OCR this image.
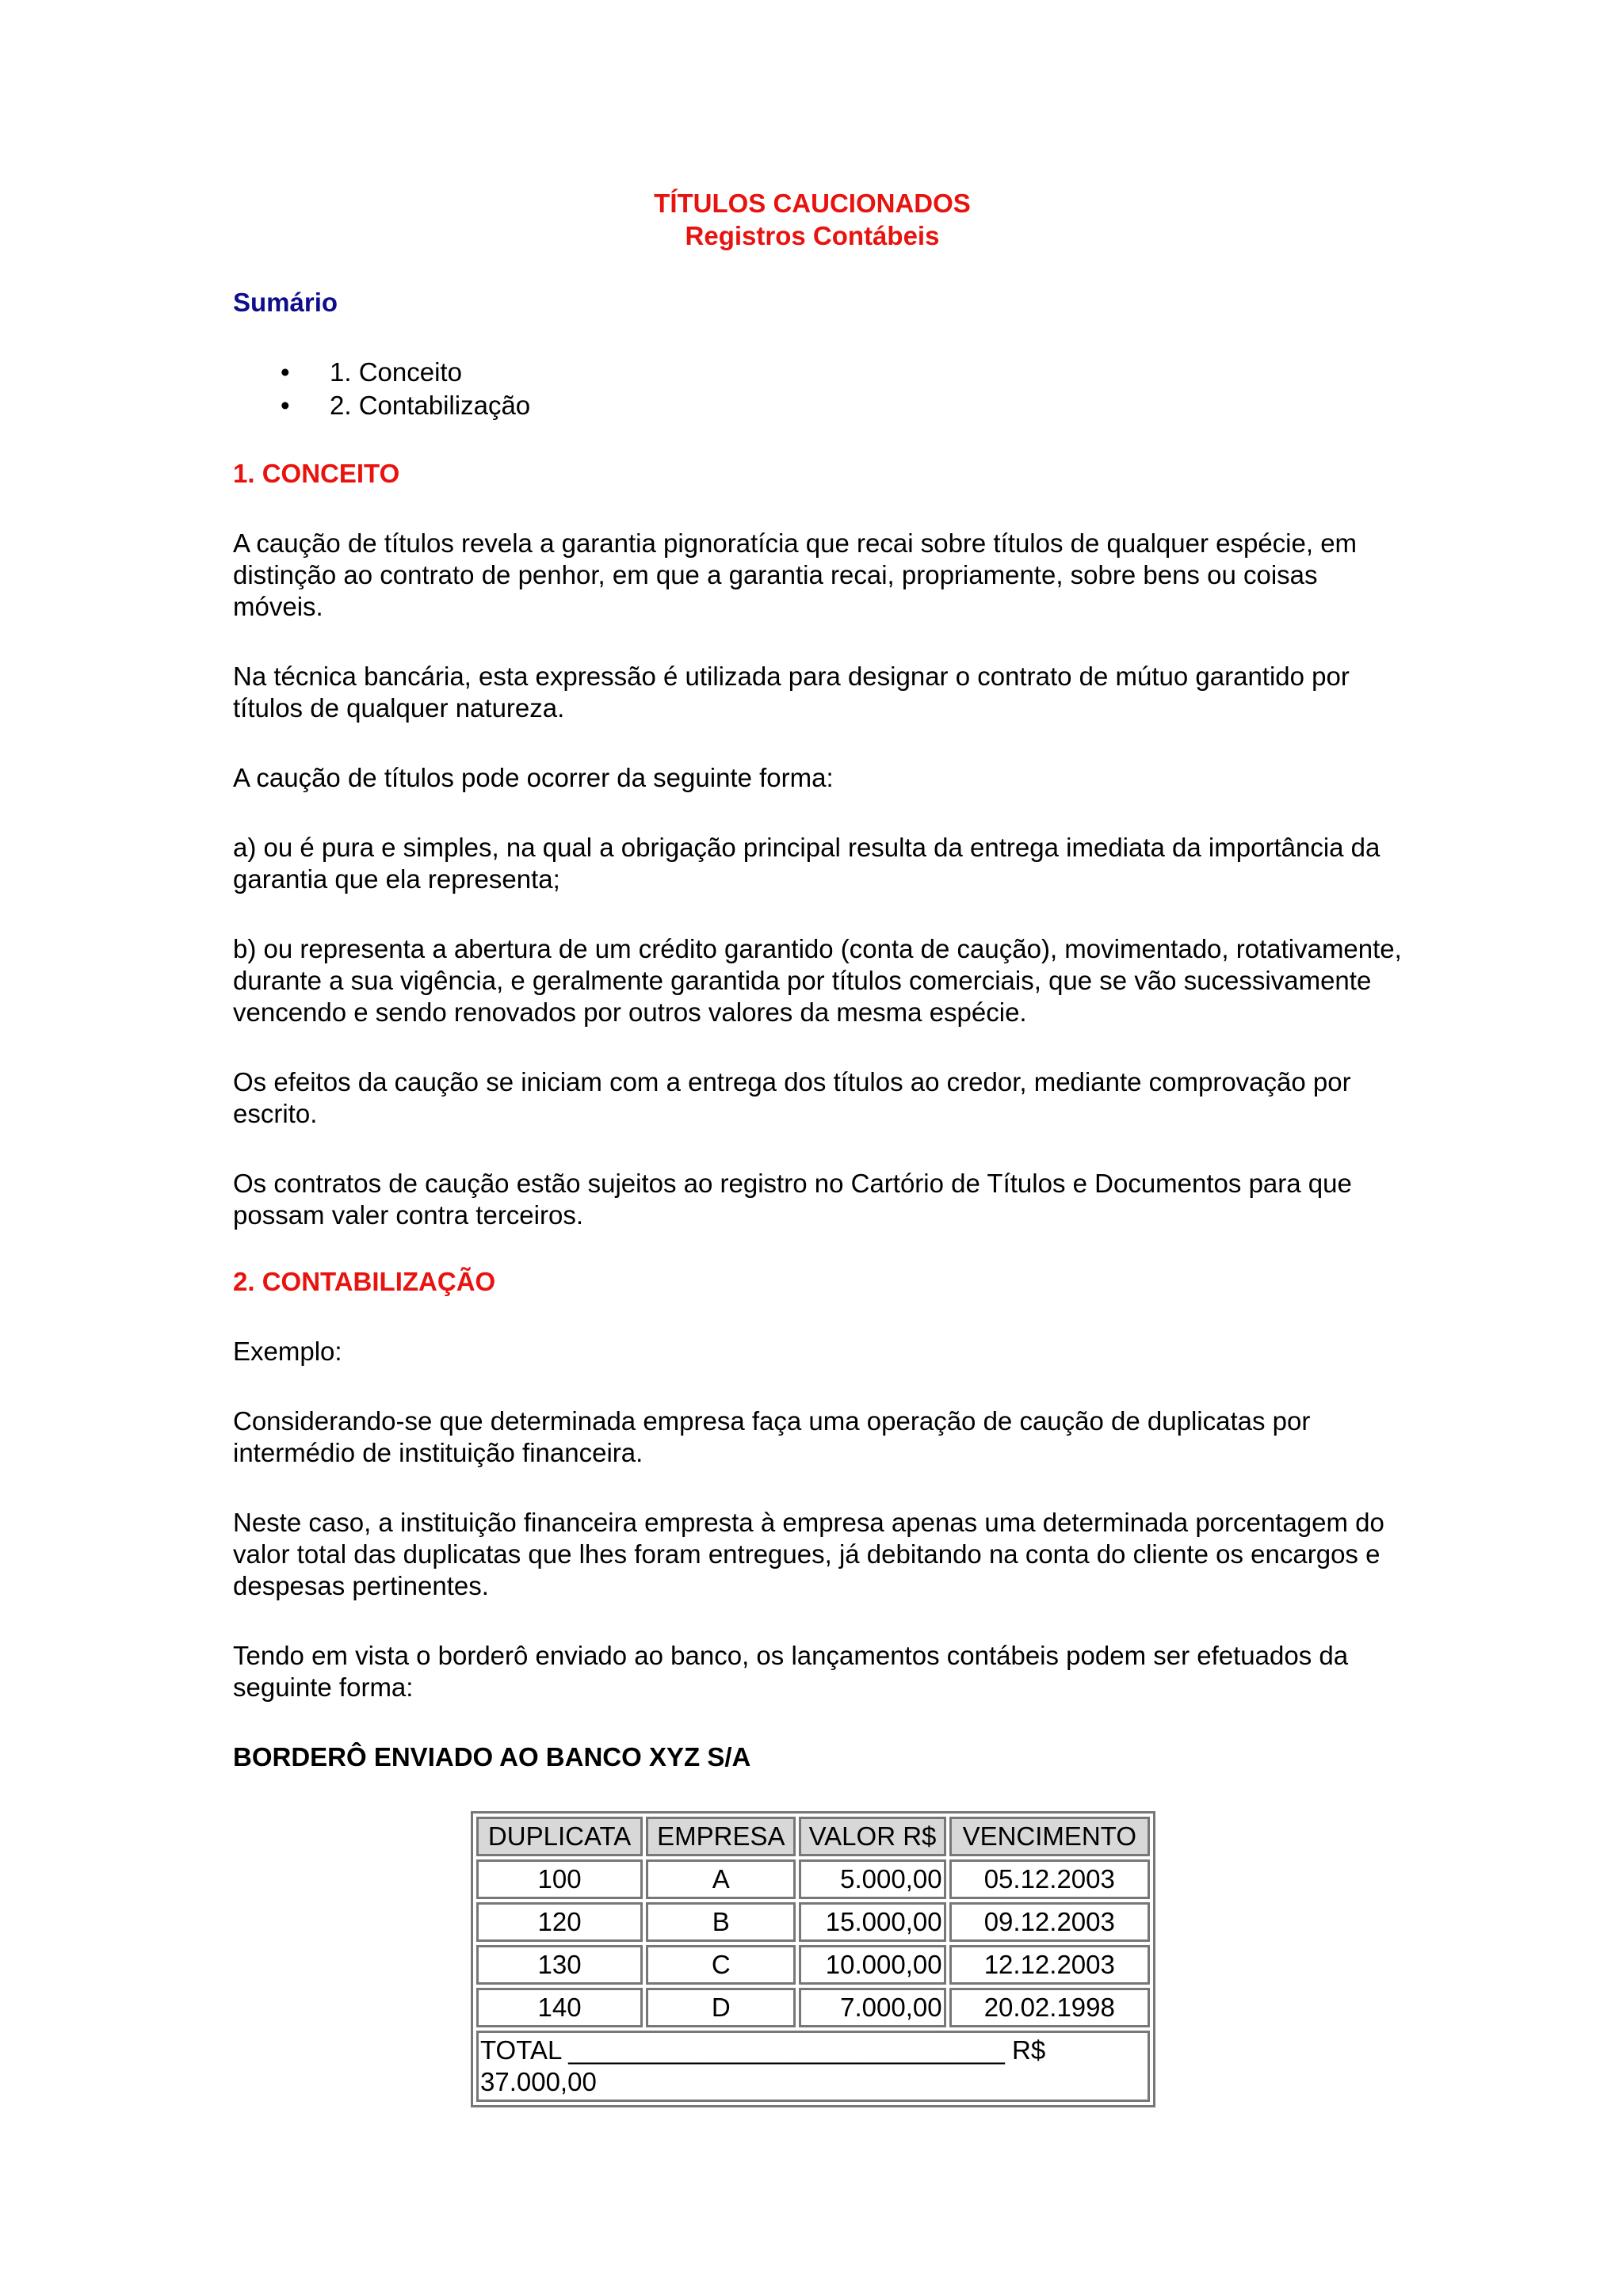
TÍTULOS CAUCIONADOS
Registros Contábeis
Sumário
• 1. Conceito
• 2. Contabilização
1. CONCEITO

A caução de títulos revela a garantia pignoratícia que recai sobre títulos de qualquer espécie, em distinção ao contrato de penhor, em que a garantia recai, propriamente, sobre bens ou coisas móveis.

Na técnica bancária, esta expressão é utilizada para designar o contrato de mútuo garantido por títulos de qualquer natureza.

A caução de títulos pode ocorrer da seguinte forma:

a) ou é pura e simples, na qual a obrigação principal resulta da entrega imediata da importância da garantia que ela representa;

b) ou representa a abertura de um crédito garantido (conta de caução), movimentado, rotativamente, durante a sua vigência, e geralmente garantida por títulos comerciais, que se vão sucessivamente vencendo e sendo renovados por outros valores da mesma espécie.

Os efeitos da caução se iniciam com a entrega dos títulos ao credor, mediante comprovação por escrito.

Os contratos de caução estão sujeitos ao registro no Cartório de Títulos e Documentos para que possam valer contra terceiros.

2. CONTABILIZAÇÃO

Exemplo:

Considerando-se que determinada empresa faça uma operação de caução de duplicatas por intermédio de instituição financeira.

Neste caso, a instituição financeira empresta à empresa apenas uma determinada porcentagem do valor total das duplicatas que lhes foram entregues, já debitando na conta do cliente os encargos e despesas pertinentes.

Tendo em vista o borderô enviado ao banco, os lançamentos contábeis podem ser efetuados da seguinte forma:

BORDERÔ ENVIADO AO BANCO XYZ S/A
DUPLICATA	EMPRESA	VALOR R$	VENCIMENTO
100	A	5.000,00	05.12.2003
120	B	15.000,00	09.12.2003
130	C	10.000,00	12.12.2003
140	D	7.000,00	20.02.1998
TOTAL ______________________________ R$ 37.000,00			
